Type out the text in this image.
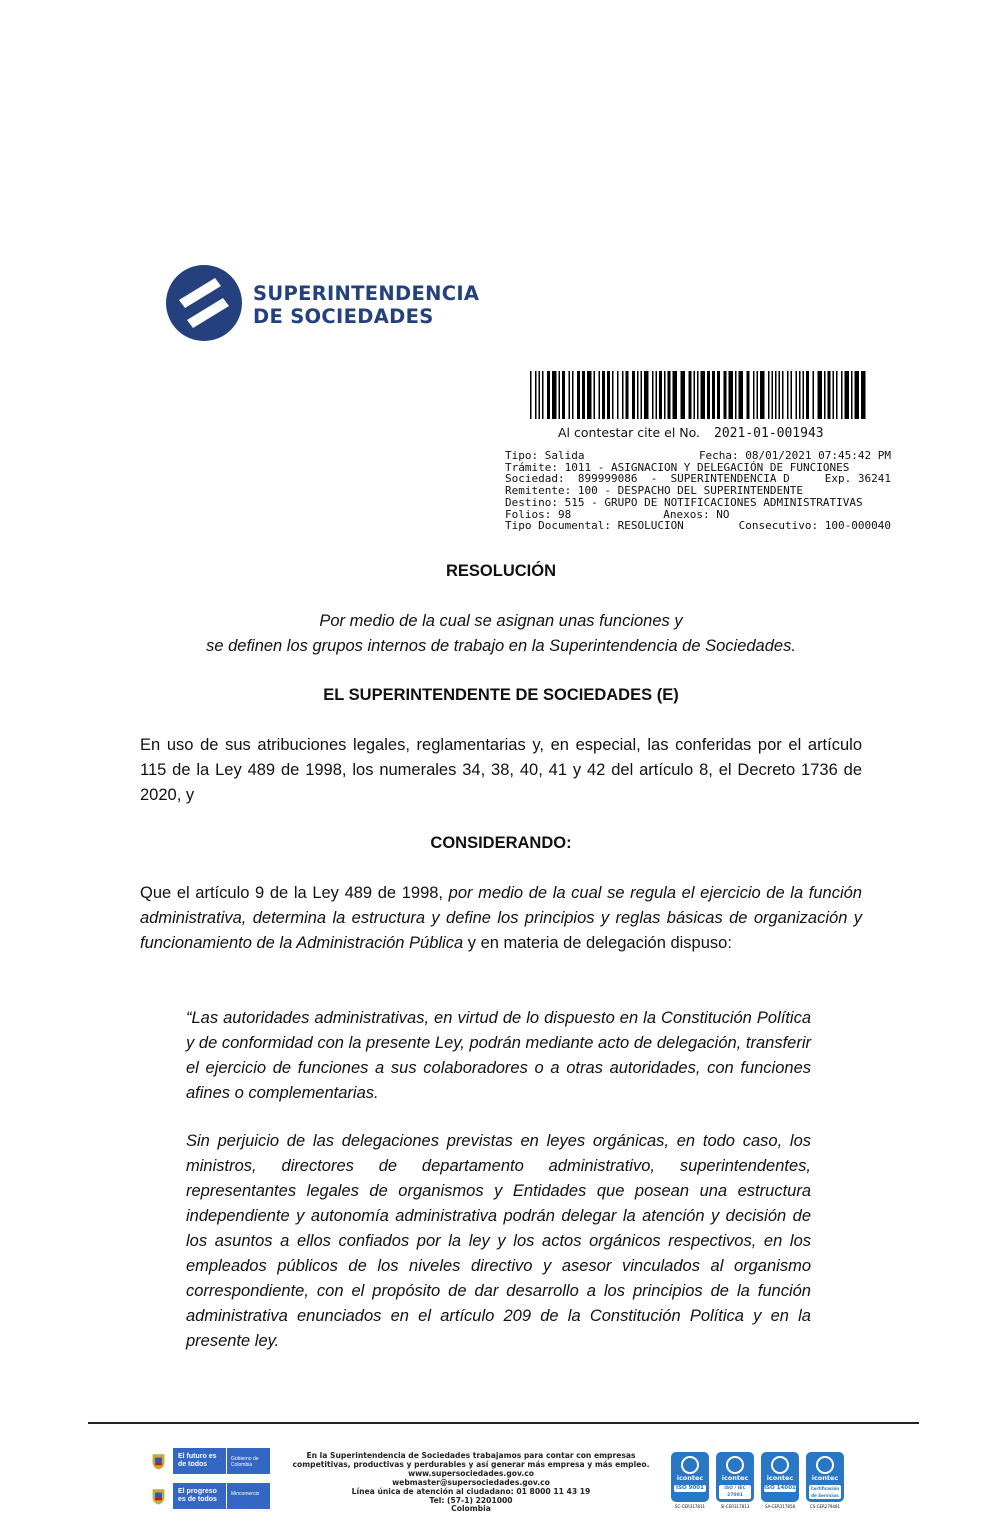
SUPERINTENDENCIA
DE SOCIEDADES
Al contestar cite el No. 2021-01-001943
Tipo: Salida	Fecha: 08/01/2021 07:45:42 PM
Trámite: 1011 - ASIGNACION Y DELEGACIÓN DE FUNCIONES
Sociedad:  899999086  -  SUPERINTENDENCIA D	Exp. 36241
Remitente: 100 - DESPACHO DEL SUPERINTENDENTE
Destino: 515 - GRUPO DE NOTIFICACIONES ADMINISTRATIVAS
Folios: 98	Anexos: NO
Tipo Documental: RESOLUCION	Consecutivo: 100-000040
RESOLUCIÓN
Por medio de la cual se asignan unas funciones y
se definen los grupos internos de trabajo en la Superintendencia de Sociedades.
EL SUPERINTENDENTE DE SOCIEDADES (E)

En uso de sus atribuciones legales, reglamentarias y, en especial, las conferidas por el artículo 115 de la Ley 489 de 1998, los numerales 34, 38, 40, 41 y 42 del artículo 8, el Decreto 1736 de 2020, y

CONSIDERANDO:

Que el artículo 9 de la Ley 489 de 1998, por medio de la cual se regula el ejercicio de la función administrativa, determina la estructura y define los principios y reglas básicas de organización y funcionamiento de la Administración Pública y en materia de delegación dispuso:

“Las autoridades administrativas, en virtud de lo dispuesto en la Constitución Política y de conformidad con la presente Ley, podrán mediante acto de delegación, transferir el ejercicio de funciones a sus colaboradores o a otras autoridades, con funciones afines o complementarias.

Sin perjuicio de las delegaciones previstas en leyes orgánicas, en todo caso, los ministros, directores de departamento administrativo, superintendentes, representantes legales de organismos y Entidades que posean una estructura independiente y autonomía administrativa podrán delegar la atención y decisión de los asuntos a ellos confiados por la ley y los actos orgánicos respectivos, en los empleados públicos de los niveles directivo y asesor vinculados al organismo correspondiente, con el propósito de dar desarrollo a los principios de la función administrativa enunciados en el artículo 209 de la Constitución Política y en la presente ley.

El futuro es de todos
Gobierno de Colombia
El progreso es de todos
Mincomercio
En la Superintendencia de Sociedades trabajamos para contar con empresas
competitivas, productivas y perdurables y así generar más empresa y más empleo.
www.supersociedades.gov.co
webmaster@supersociedades.gov.co
Línea única de atención al ciudadano: 01 8000 11 43 19
Tel: (57-1) 2201000
Colombia
icontec
ISO 9001
SC-CER317811
icontec
ISO / IEC 27001
SI-CER317813
icontec
ISO 14001
SA-CER317858
icontec
Certificación de Servicios
CS-CER279481
